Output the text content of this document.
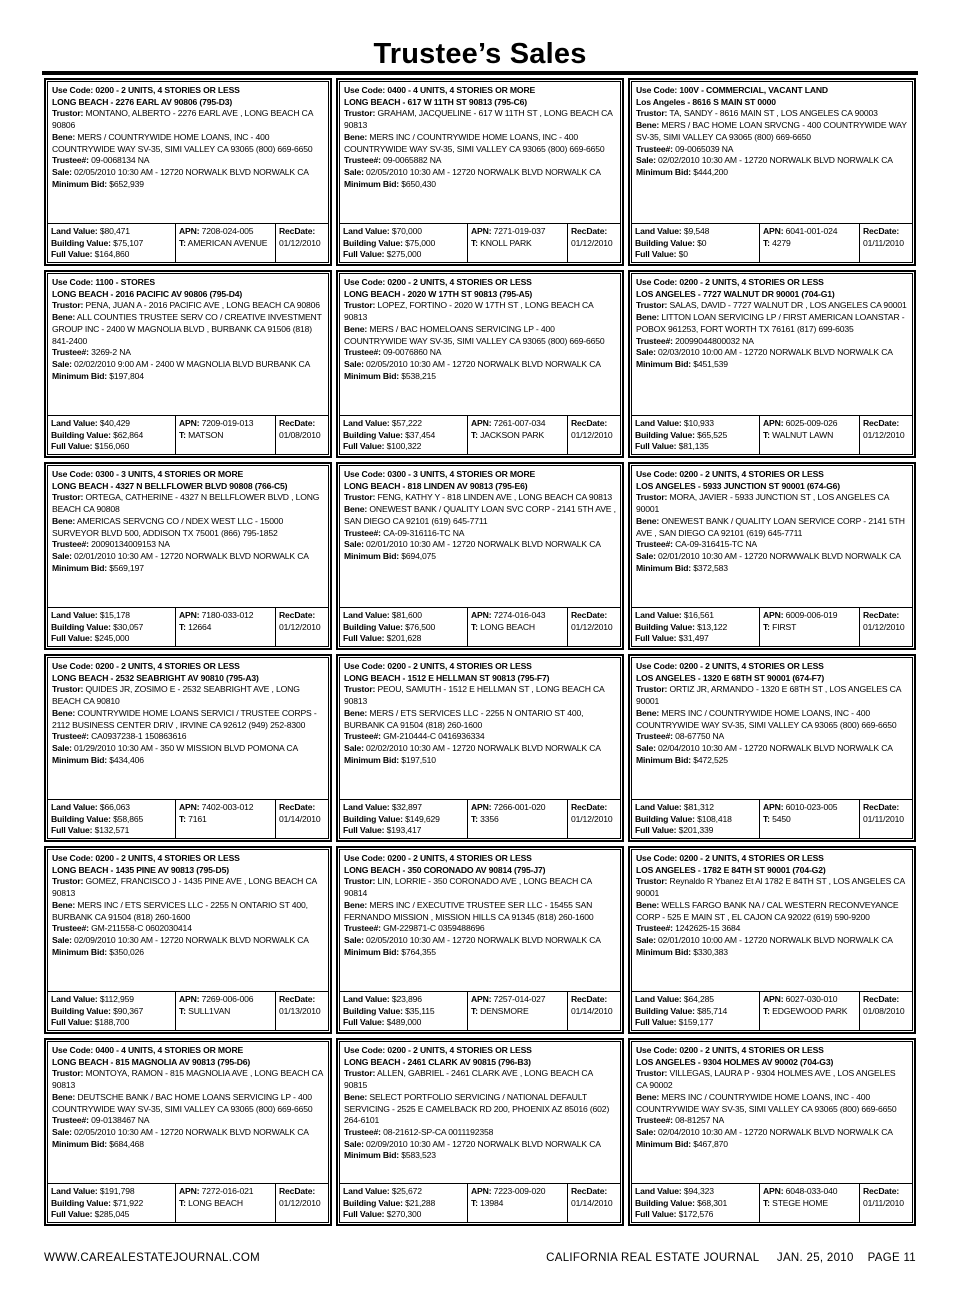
Trustee’s Sales
Use Code: 0200 - 2 UNITS, 4 STORIES OR LESS
LONG BEACH - 2276 EARL AV 90806 (795-D3)
Trustor: MONTANO, ALBERTO - 2276 EARL AVE , LONG BEACH CA 90806
Bene: MERS / COUNTRYWIDE HOME LOANS, INC - 400 COUNTRYWIDE WAY SV-35, SIMI VALLEY CA 93065 (800) 669-6650
Trustee#: 09-0068134 NA
Sale: 02/05/2010 10:30 AM - 12720 NORWALK BLVD NORWALK CA
Minimum Bid: $652,939
Land Value: $80,471
Building Value: $75,107
Full Value: $164,860
APN: 7208-024-005
T: AMERICAN AVENUE
RecDate:
01/12/2010
Use Code: 0400 - 4 UNITS, 4 STORIES OR MORE
LONG BEACH - 617 W 11TH ST 90813 (795-C6)
Trustor: GRAHAM, JACQUELINE - 617 W 11TH ST , LONG BEACH CA 90813
Bene: MERS INC / COUNTRYWIDE HOME LOANS, INC - 400 COUNTRYWIDE WAY SV-35, SIMI VALLEY CA 93065 (800) 669-6650
Trustee#: 09-0065882 NA
Sale: 02/05/2010 10:30 AM - 12720 NORWALK BLVD NORWALK CA
Minimum Bid: $650,430
Land Value: $70,000
Building Value: $75,000
Full Value: $275,000
APN: 7271-019-037
T: KNOLL PARK
RecDate:
01/12/2010
Use Code: 100V - COMMERCIAL, VACANT LAND
Los Angeles - 8616 S MAIN ST 0000
Trustor: TA, SANDY - 8616 MAIN ST , LOS ANGELES CA 90003
Bene: MERS / BAC HOME LOAN SRVCNG - 400 COUNTRYWIDE WAY SV-35, SIMI VALLEY CA 93065 (800) 669-6650
Trustee#: 09-0065039 NA
Sale: 02/02/2010 10:30 AM - 12720 NORWALK BLVD NORWALK CA
Minimum Bid: $444,200
Land Value: $9,548
Building Value: $0
Full Value: $0
APN: 6041-001-024
T: 4279
RecDate:
01/11/2010
Use Code: 1100 - STORES
LONG BEACH - 2016 PACIFIC AV 90806 (795-D4)
Trustor: PENA, JUAN A - 2016 PACIFIC AVE , LONG BEACH CA 90806
Bene: ALL COUNTIES TRUSTEE SERV CO / CREATIVE INVESTMENT GROUP INC - 2400 W MAGNOLIA BLVD , BURBANK CA 91506 (818) 841-2400
Trustee#: 3269-2 NA
Sale: 02/02/2010 9:00 AM - 2400 W MAGNOLIA BLVD BURBANK CA
Minimum Bid: $197,804
Land Value: $40,429
Building Value: $62,864
Full Value: $156,060
APN: 7209-019-013
T: MATSON
RecDate:
01/08/2010
Use Code: 0200 - 2 UNITS, 4 STORIES OR LESS
LONG BEACH - 2020 W 17TH ST 90813 (795-A5)
Trustor: LOPEZ, FORTINO - 2020 W 17TH ST , LONG BEACH CA 90813
Bene: MERS / BAC HOMELOANS SERVICING LP - 400 COUNTRYWIDE WAY SV-35, SIMI VALLEY CA 93065 (800) 669-6650
Trustee#: 09-0076860 NA
Sale: 02/05/2010 10:30 AM - 12720 NORWALK BLVD NORWALK CA
Minimum Bid: $538,215
Land Value: $57,222
Building Value: $37,454
Full Value: $100,322
APN: 7261-007-034
T: JACKSON PARK
RecDate:
01/12/2010
Use Code: 0200 - 2 UNITS, 4 STORIES OR LESS
LOS ANGELES - 7727 WALNUT DR 90001 (704-G1)
Trustor: SALAS, DAVID - 7727 WALNUT DR , LOS ANGELES CA 90001
Bene: LITTON LOAN SERVICING LP / FIRST AMERICAN LOANSTAR - POBOX 961253, FORT WORTH TX 76161 (817) 699-6035
Trustee#: 20099044800032 NA
Sale: 02/03/2010 10:00 AM - 12720 NORWALK BLVD NORWALK CA
Minimum Bid: $451,539
Land Value: $10,933
Building Value: $65,525
Full Value: $81,135
APN: 6025-009-026
T: WALNUT LAWN
RecDate:
01/12/2010
Use Code: 0300 - 3 UNITS, 4 STORIES OR MORE
LONG BEACH - 4327 N BELLFLOWER BLVD 90808 (766-C5)
Trustor: ORTEGA, CATHERINE - 4327 N BELLFLOWER BLVD , LONG BEACH CA 90808
Bene: AMERICAS SERVCNG CO / NDEX WEST LLC - 15000 SURVEYOR BLVD 500, ADDISON TX 75001 (866) 795-1852
Trustee#: 20090134009153 NA
Sale: 02/01/2010 10:30 AM - 12720 NORWALK BLVD NORWALK CA
Minimum Bid: $569,197
Land Value: $15,178
Building Value: $30,057
Full Value: $245,000
APN: 7180-033-012
T: 12664
RecDate:
01/12/2010
Use Code: 0300 - 3 UNITS, 4 STORIES OR MORE
LONG BEACH - 818 LINDEN AV 90813 (795-E6)
Trustor: FENG, KATHY Y - 818 LINDEN AVE , LONG BEACH CA 90813
Bene: ONEWEST BANK / QUALITY LOAN SVC CORP - 2141 5TH AVE , SAN DIEGO CA 92101 (619) 645-7711
Trustee#: CA-09-316116-TC NA
Sale: 02/01/2010 10:30 AM - 12720 NORWALK BLVD NORWALK CA
Minimum Bid: $694,075
Land Value: $81,600
Building Value: $76,500
Full Value: $201,628
APN: 7274-016-043
T: LONG BEACH
RecDate:
01/12/2010
Use Code: 0200 - 2 UNITS, 4 STORIES OR LESS
LOS ANGELES - 5933 JUNCTION ST 90001 (674-G6)
Trustor: MORA, JAVIER - 5933 JUNCTION ST , LOS ANGELES CA 90001
Bene: ONEWEST BANK / QUALITY LOAN SERVICE CORP - 2141 5TH AVE , SAN DIEGO CA 92101 (619) 645-7711
Trustee#: CA-09-316415-TC NA
Sale: 02/01/2010 10:30 AM - 12720 NORWWALK BLVD NORWALK CA
Minimum Bid: $372,583
Land Value: $16,561
Building Value: $13,122
Full Value: $31,497
APN: 6009-006-019
T: FIRST
RecDate:
01/12/2010
Use Code: 0200 - 2 UNITS, 4 STORIES OR LESS
LONG BEACH - 2532 SEABRIGHT AV 90810 (795-A3)
Trustor: QUIDES JR, ZOSIMO E - 2532 SEABRIGHT AVE , LONG BEACH CA 90810
Bene: COUNTRYWIDE HOME LOANS SERVICI / TRUSTEE CORPS - 2112 BUSINESS CENTER DRIV , IRVINE CA 92612 (949) 252-8300
Trustee#: CA0937238-1 150863616
Sale: 01/29/2010 10:30 AM - 350 W MISSION BLVD POMONA CA
Minimum Bid: $434,406
Land Value: $66,063
Building Value: $58,865
Full Value: $132,571
APN: 7402-003-012
T: 7161
RecDate:
01/14/2010
Use Code: 0200 - 2 UNITS, 4 STORIES OR LESS
LONG BEACH - 1512 E HELLMAN ST 90813 (795-F7)
Trustor: PEOU, SAMUTH - 1512 E HELLMAN ST , LONG BEACH CA 90813
Bene: MERS / ETS SERVICES LLC - 2255 N ONTARIO ST 400, BURBANK CA 91504 (818) 260-1600
Trustee#: GM-210444-C 0416936334
Sale: 02/02/2010 10:30 AM - 12720 NORWALK BLVD NORWALK CA
Minimum Bid: $197,510
Land Value: $32,897
Building Value: $149,629
Full Value: $193,417
APN: 7266-001-020
T: 3356
RecDate:
01/12/2010
Use Code: 0200 - 2 UNITS, 4 STORIES OR LESS
LOS ANGELES - 1320 E 68TH ST 90001 (674-F7)
Trustor: ORTIZ JR, ARMANDO - 1320 E 68TH ST , LOS ANGELES CA 90001
Bene: MERS INC / COUNTRYWIDE HOME LOANS, INC - 400 COUNTRYWIDE WAY SV-35, SIMI VALLEY CA 93065 (800) 669-6650
Trustee#: 08-67750 NA
Sale: 02/04/2010 10:30 AM - 12720 NORWALK BLVD NORWALK CA
Minimum Bid: $472,525
Land Value: $81,312
Building Value: $108,418
Full Value: $201,339
APN: 6010-023-005
T: 5450
RecDate:
01/11/2010
Use Code: 0200 - 2 UNITS, 4 STORIES OR LESS
LONG BEACH - 1435 PINE AV 90813 (795-D5)
Trustor: GOMEZ, FRANCISCO J - 1435 PINE AVE , LONG BEACH CA 90813
Bene: MERS INC / ETS SERVICES LLC - 2255 N ONTARIO ST 400, BURBANK CA 91504 (818) 260-1600
Trustee#: GM-211558-C 0602030414
Sale: 02/09/2010 10:30 AM - 12720 NORWALK BLVD NORWALK CA
Minimum Bid: $350,026
Land Value: $112,959
Building Value: $90,367
Full Value: $188,700
APN: 7269-006-006
T: SULL1VAN
RecDate:
01/13/2010
Use Code: 0200 - 2 UNITS, 4 STORIES OR LESS
LONG BEACH - 350 CORONADO AV 90814 (795-J7)
Trustor: LIN, LORRIE - 350 CORONADO AVE , LONG BEACH CA 90814
Bene: MERS INC / EXECUTIVE TRUSTEE SER LLC - 15455 SAN FERNANDO MISSION , MISSION HILLS CA 91345 (818) 260-1600
Trustee#: GM-229871-C 0359488696
Sale: 02/05/2010 10:30 AM - 12720 NORWALK BLVD NORWALK CA
Minimum Bid: $764,355
Land Value: $23,896
Building Value: $35,115
Full Value: $489,000
APN: 7257-014-027
T: DENSMORE
RecDate:
01/14/2010
Use Code: 0200 - 2 UNITS, 4 STORIES OR LESS
LOS ANGELES - 1782 E 84TH ST 90001 (704-G2)
Trustor: Reynaldo R Ybanez Et Al 1782 E 84TH ST , LOS ANGELES CA 90001
Bene: WELLS FARGO BANK NA / CAL WESTERN RECONVEYANCE CORP - 525 E MAIN ST , EL CAJON CA 92022 (619) 590-9200
Trustee#: 1242625-15 3684
Sale: 02/01/2010 10:00 AM - 12720 NORWALK BLVD NORWALK CA
Minimum Bid: $330,383
Land Value: $64,285
Building Value: $85,714
Full Value: $159,177
APN: 6027-030-010
T: EDGEWOOD PARK
RecDate:
01/08/2010
Use Code: 0400 - 4 UNITS, 4 STORIES OR MORE
LONG BEACH - 815 MAGNOLIA AV 90813 (795-D6)
Trustor: MONTOYA, RAMON - 815 MAGNOLIA AVE , LONG BEACH CA 90813
Bene: DEUTSCHE BANK / BAC HOME LOANS SERVICING LP - 400 COUNTRYWIDE WAY SV-35, SIMI VALLEY CA 93065 (800) 669-6650
Trustee#: 09-0138467 NA
Sale: 02/05/2010 10:30 AM - 12720 NORWALK BLVD NORWALK CA
Minimum Bid: $684,468
Land Value: $191,798
Building Value: $71,922
Full Value: $285,045
APN: 7272-016-021
T: LONG BEACH
RecDate:
01/12/2010
Use Code: 0200 - 2 UNITS, 4 STORIES OR LESS
LONG BEACH - 2461 CLARK AV 90815 (796-B3)
Trustor: ALLEN, GABRIEL - 2461 CLARK AVE , LONG BEACH CA 90815
Bene: SELECT PORTFOLIO SERVICING / NATIONAL DEFAULT SERVICING - 2525 E CAMELBACK RD 200, PHOENIX AZ 85016 (602) 264-6101
Trustee#: 08-21612-SP-CA 0011192358
Sale: 02/09/2010 10:30 AM - 12720 NORWALK BLVD NORWALK CA
Minimum Bid: $583,523
Land Value: $25,672
Building Value: $21,288
Full Value: $270,300
APN: 7223-009-020
T: 13984
RecDate:
01/14/2010
Use Code: 0200 - 2 UNITS, 4 STORIES OR LESS
LOS ANGELES - 9304 HOLMES AV 90002 (704-G3)
Trustor: VILLEGAS, LAURA P - 9304 HOLMES AVE , LOS ANGELES CA 90002
Bene: MERS INC / COUNTRYWIDE HOME LOANS, INC - 400 COUNTRYWIDE WAY SV-35, SIMI VALLEY CA 93065 (800) 669-6650
Trustee#: 08-81257 NA
Sale: 02/04/2010 10:30 AM - 12720 NORWALK BLVD NORWALK CA
Minimum Bid: $467,870
Land Value: $94,323
Building Value: $68,301
Full Value: $172,576
APN: 6048-033-040
T: STEGE HOME
RecDate:
01/11/2010
WWW.CAREALESTATEJOURNAL.COM	CALIFORNIA REAL ESTATE JOURNAL JAN. 25, 2010 PAGE 11
